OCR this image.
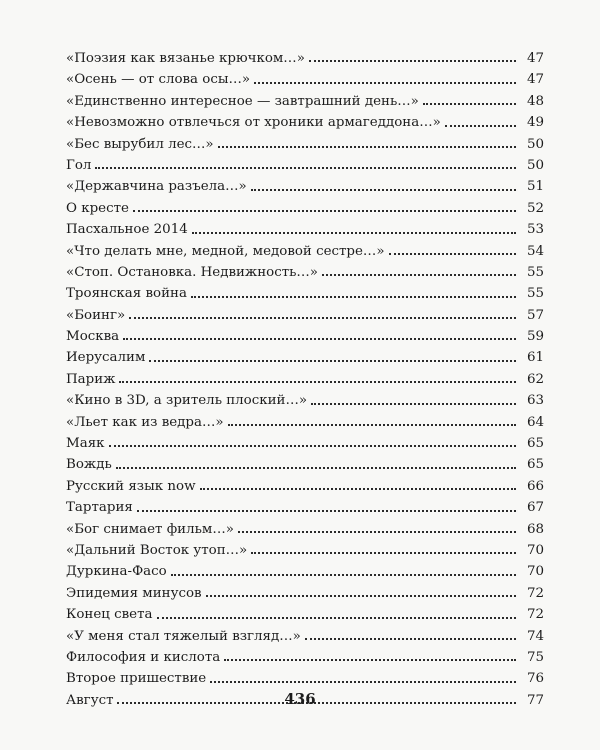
«Поэзия как вязанье крючком…»	47
«Осень — от слова осы…»	47
«Единственно интересное — завтрашний день…»	48
«Невозможно отвлечься от хроники армагеддона…»	49
«Бес вырубил лес…»	50
Гол	50
«Державчина разъела…»	51
О кресте	52
Пасхальное 2014	53
«Что делать мне, медной, медовой сестре…»	54
«Стоп. Остановка. Недвижность…»	55
Троянская война	55
«Боинг»	57
Москва	59
Иерусалим	61
Париж	62
«Кино в 3D, а зритель плоский…»	63
«Льет как из ведра…»	64
Маяк	65
Вождь	65
Русский язык now	66
Тартария	67
«Бог снимает фильм…»	68
«Дальний Восток утоп…»	70
Дуркина-Фасо	70
Эпидемия минусов	72
Конец света	72
«У меня стал тяжелый взгляд…»	74
Философия и кислота	75
Второе пришествие	76
Август	77
436
